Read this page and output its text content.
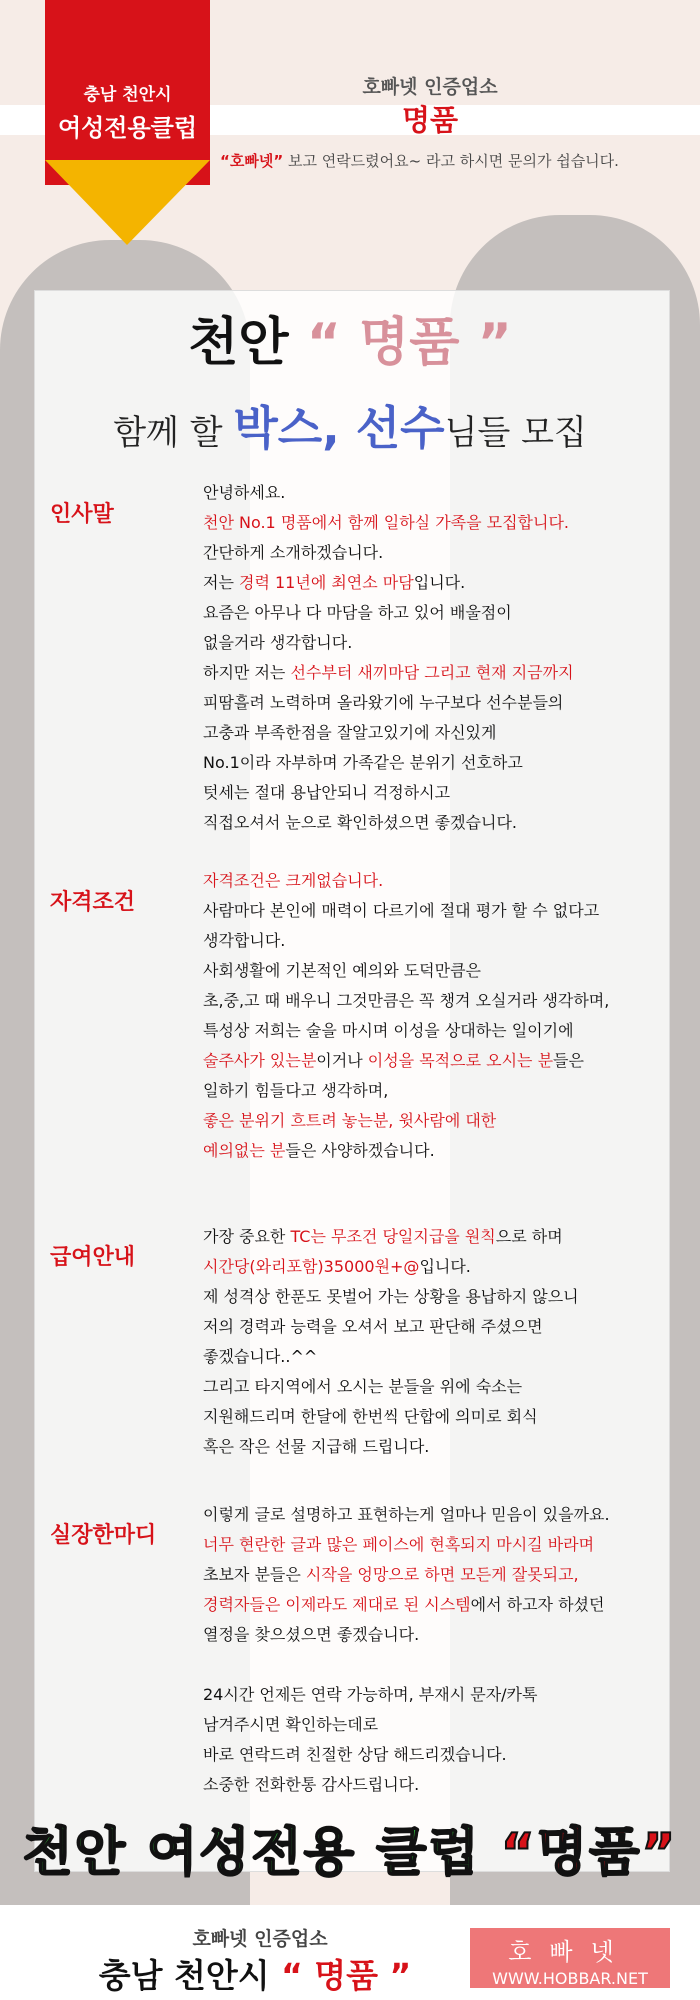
충남 천안시
여성전용클럽
호빠넷 인증업소
명품
“호빠넷” 보고 연락드렸어요~ 라고 하시면 문의가 쉽습니다.
천안 “ 명품 ”
함께 할 박스, 선수님들 모집
인사말

안녕하세요.

천안 No.1 명품에서 함께 일하실 가족을 모집합니다.

간단하게 소개하겠습니다.

저는 경력 11년에 최연소 마담입니다.

요즘은 아무나 다 마담을 하고 있어 배울점이

없을거라 생각합니다.

하지만 저는 선수부터 새끼마담 그리고 현재 지금까지

피땀흘려 노력하며 올라왔기에 누구보다 선수분들의

고충과 부족한점을 잘알고있기에 자신있게

No.1이라 자부하며 가족같은 분위기 선호하고

텃세는 절대 용납안되니 걱정하시고

직접오셔서 눈으로 확인하셨으면 좋겠습니다.

자격조건

자격조건은 크게없습니다.

사람마다 본인에 매력이 다르기에 절대 평가 할 수 없다고

생각합니다.

사회생활에 기본적인 예의와 도덕만큼은

초,중,고 때 배우니 그것만큼은 꼭 챙겨 오실거라 생각하며,

특성상 저희는 술을 마시며 이성을 상대하는 일이기에

술주사가 있는분이거나 이성을 목적으로 오시는 분들은

일하기 힘들다고 생각하며,

좋은 분위기 흐트려 놓는분, 윗사람에 대한

예의없는 분들은 사양하겠습니다.

급여안내

가장 중요한 TC는 무조건 당일지급을 원칙으로 하며

시간당(와리포함)35000원+@입니다.

제 성격상 한푼도 못벌어 가는 상황을 용납하지 않으니

저의 경력과 능력을 오셔서 보고 판단해 주셨으면

좋겠습니다..^^

그리고 타지역에서 오시는 분들을 위에 숙소는

지원해드리며 한달에 한번씩 단합에 의미로 회식

혹은 작은 선물 지급해 드립니다.

실장한마디

이렇게 글로 설명하고 표현하는게 얼마나 믿음이 있을까요.

너무 현란한 글과 많은 페이스에 현혹되지 마시길 바라며

초보자 분들은 시작을 엉망으로 하면 모든게 잘못되고,

경력자들은 이제라도 제대로 된 시스템에서 하고자 하셨던

열정을 찾으셨으면 좋겠습니다.

24시간 언제든 연락 가능하며, 부재시 문자/카톡

남겨주시면 확인하는데로

바로 연락드려 친절한 상담 해드리겠습니다.

소중한 전화한통 감사드립니다.

천안 여성전용 클럽 “명품”
호빠넷 인증업소
충남 천안시 “ 명품 ”
호빠넷
WWW.HOBBAR.NET
